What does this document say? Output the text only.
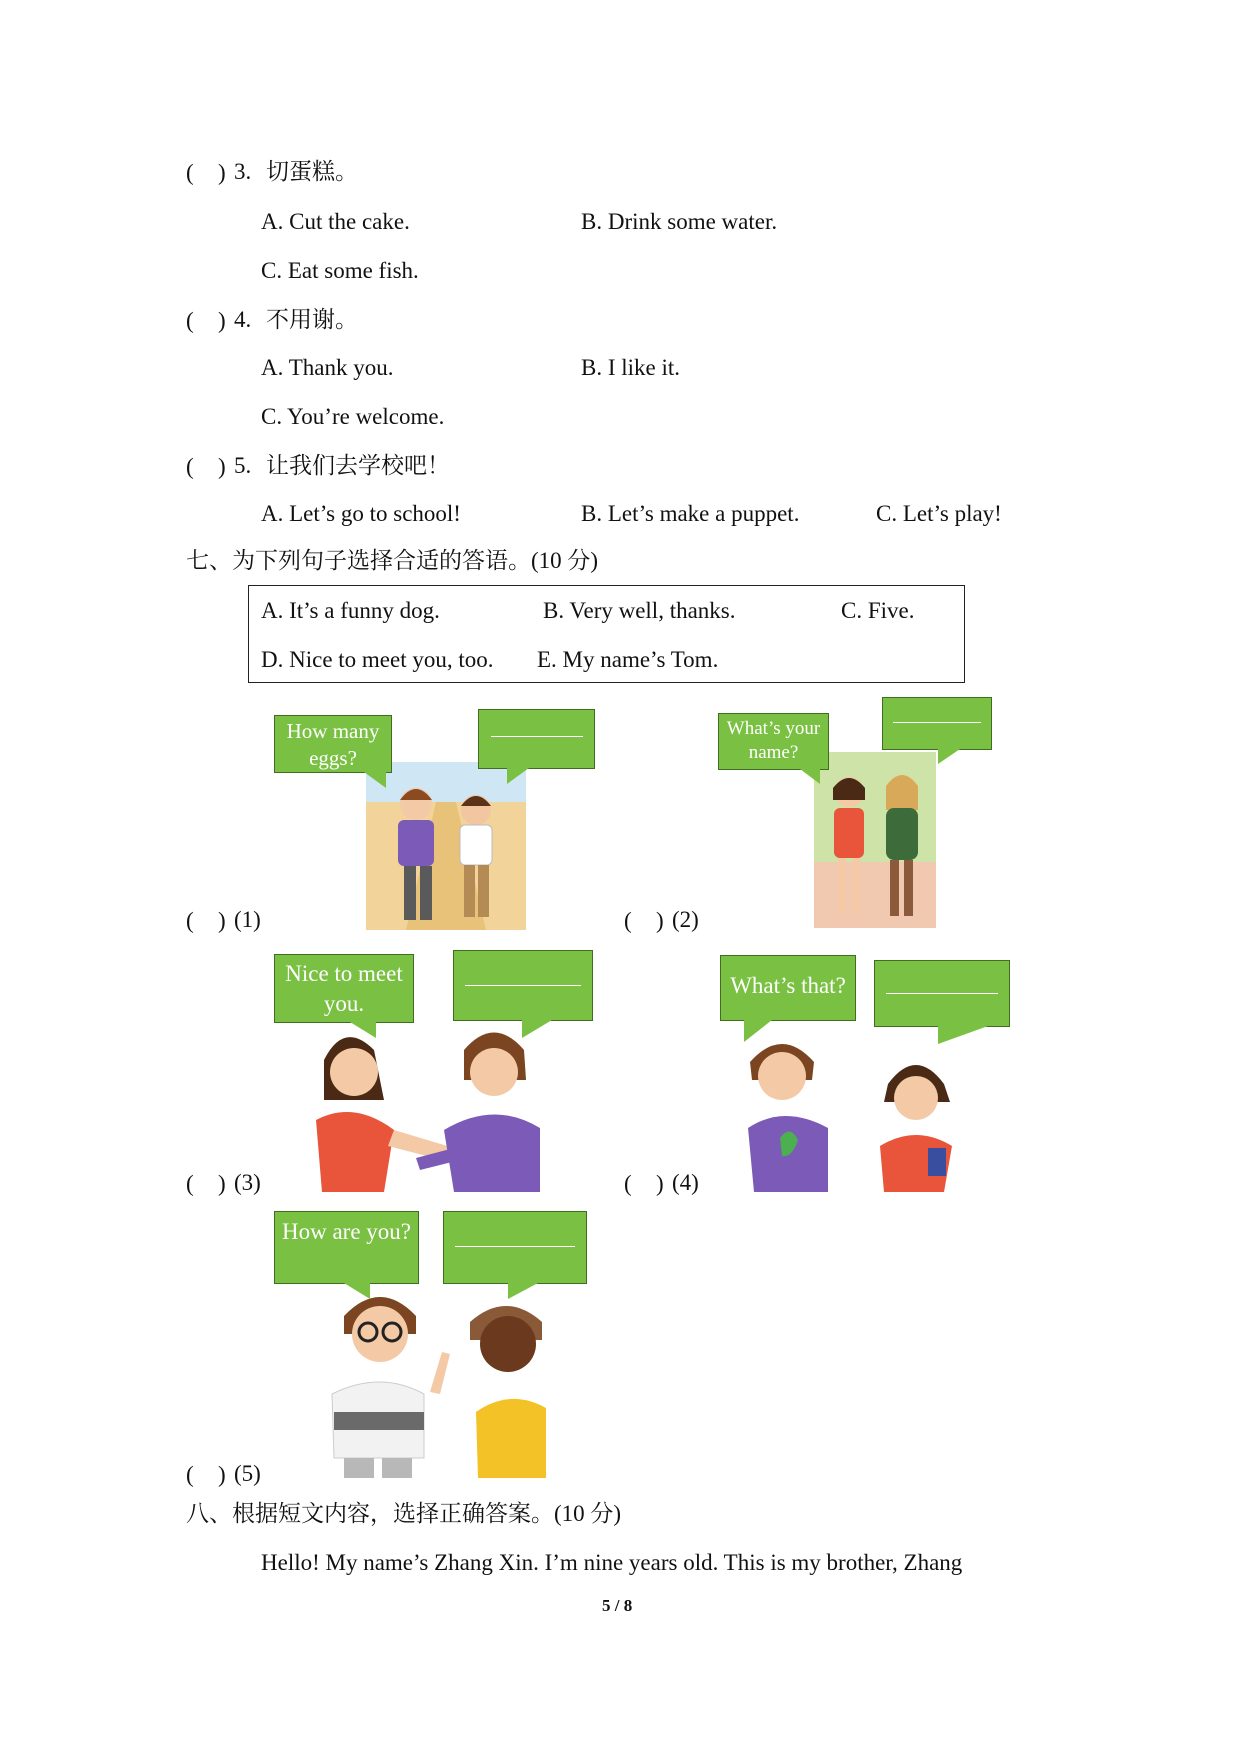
( ) 3. 切蛋糕。
A. Cut the cake.	B. Drink some water.
C. Eat some fish.
( ) 4. 不用谢。
A. Thank you.	B. I like it.
C. You’re welcome.
( ) 5. 让我们去学校吧！
A. Let’s go to school!	B. Let’s make a puppet.	C. Let’s play!
七、为下列句子选择合适的答语。(10 分)
A. It’s a funny dog.	B. Very well, thanks.	C. Five.
D. Nice to meet you, too. E. My name’s Tom.
How many eggs?
( ) (1)
What’s your name?
( ) (2)
Nice to meet you.
( ) (3)
What’s that?
( ) (4)
How are you?
( ) (5)
八、根据短文内容，选择正确答案。(10 分)
Hello! My name’s Zhang Xin. I’m nine years old. This is my brother, Zhang
5 / 8
